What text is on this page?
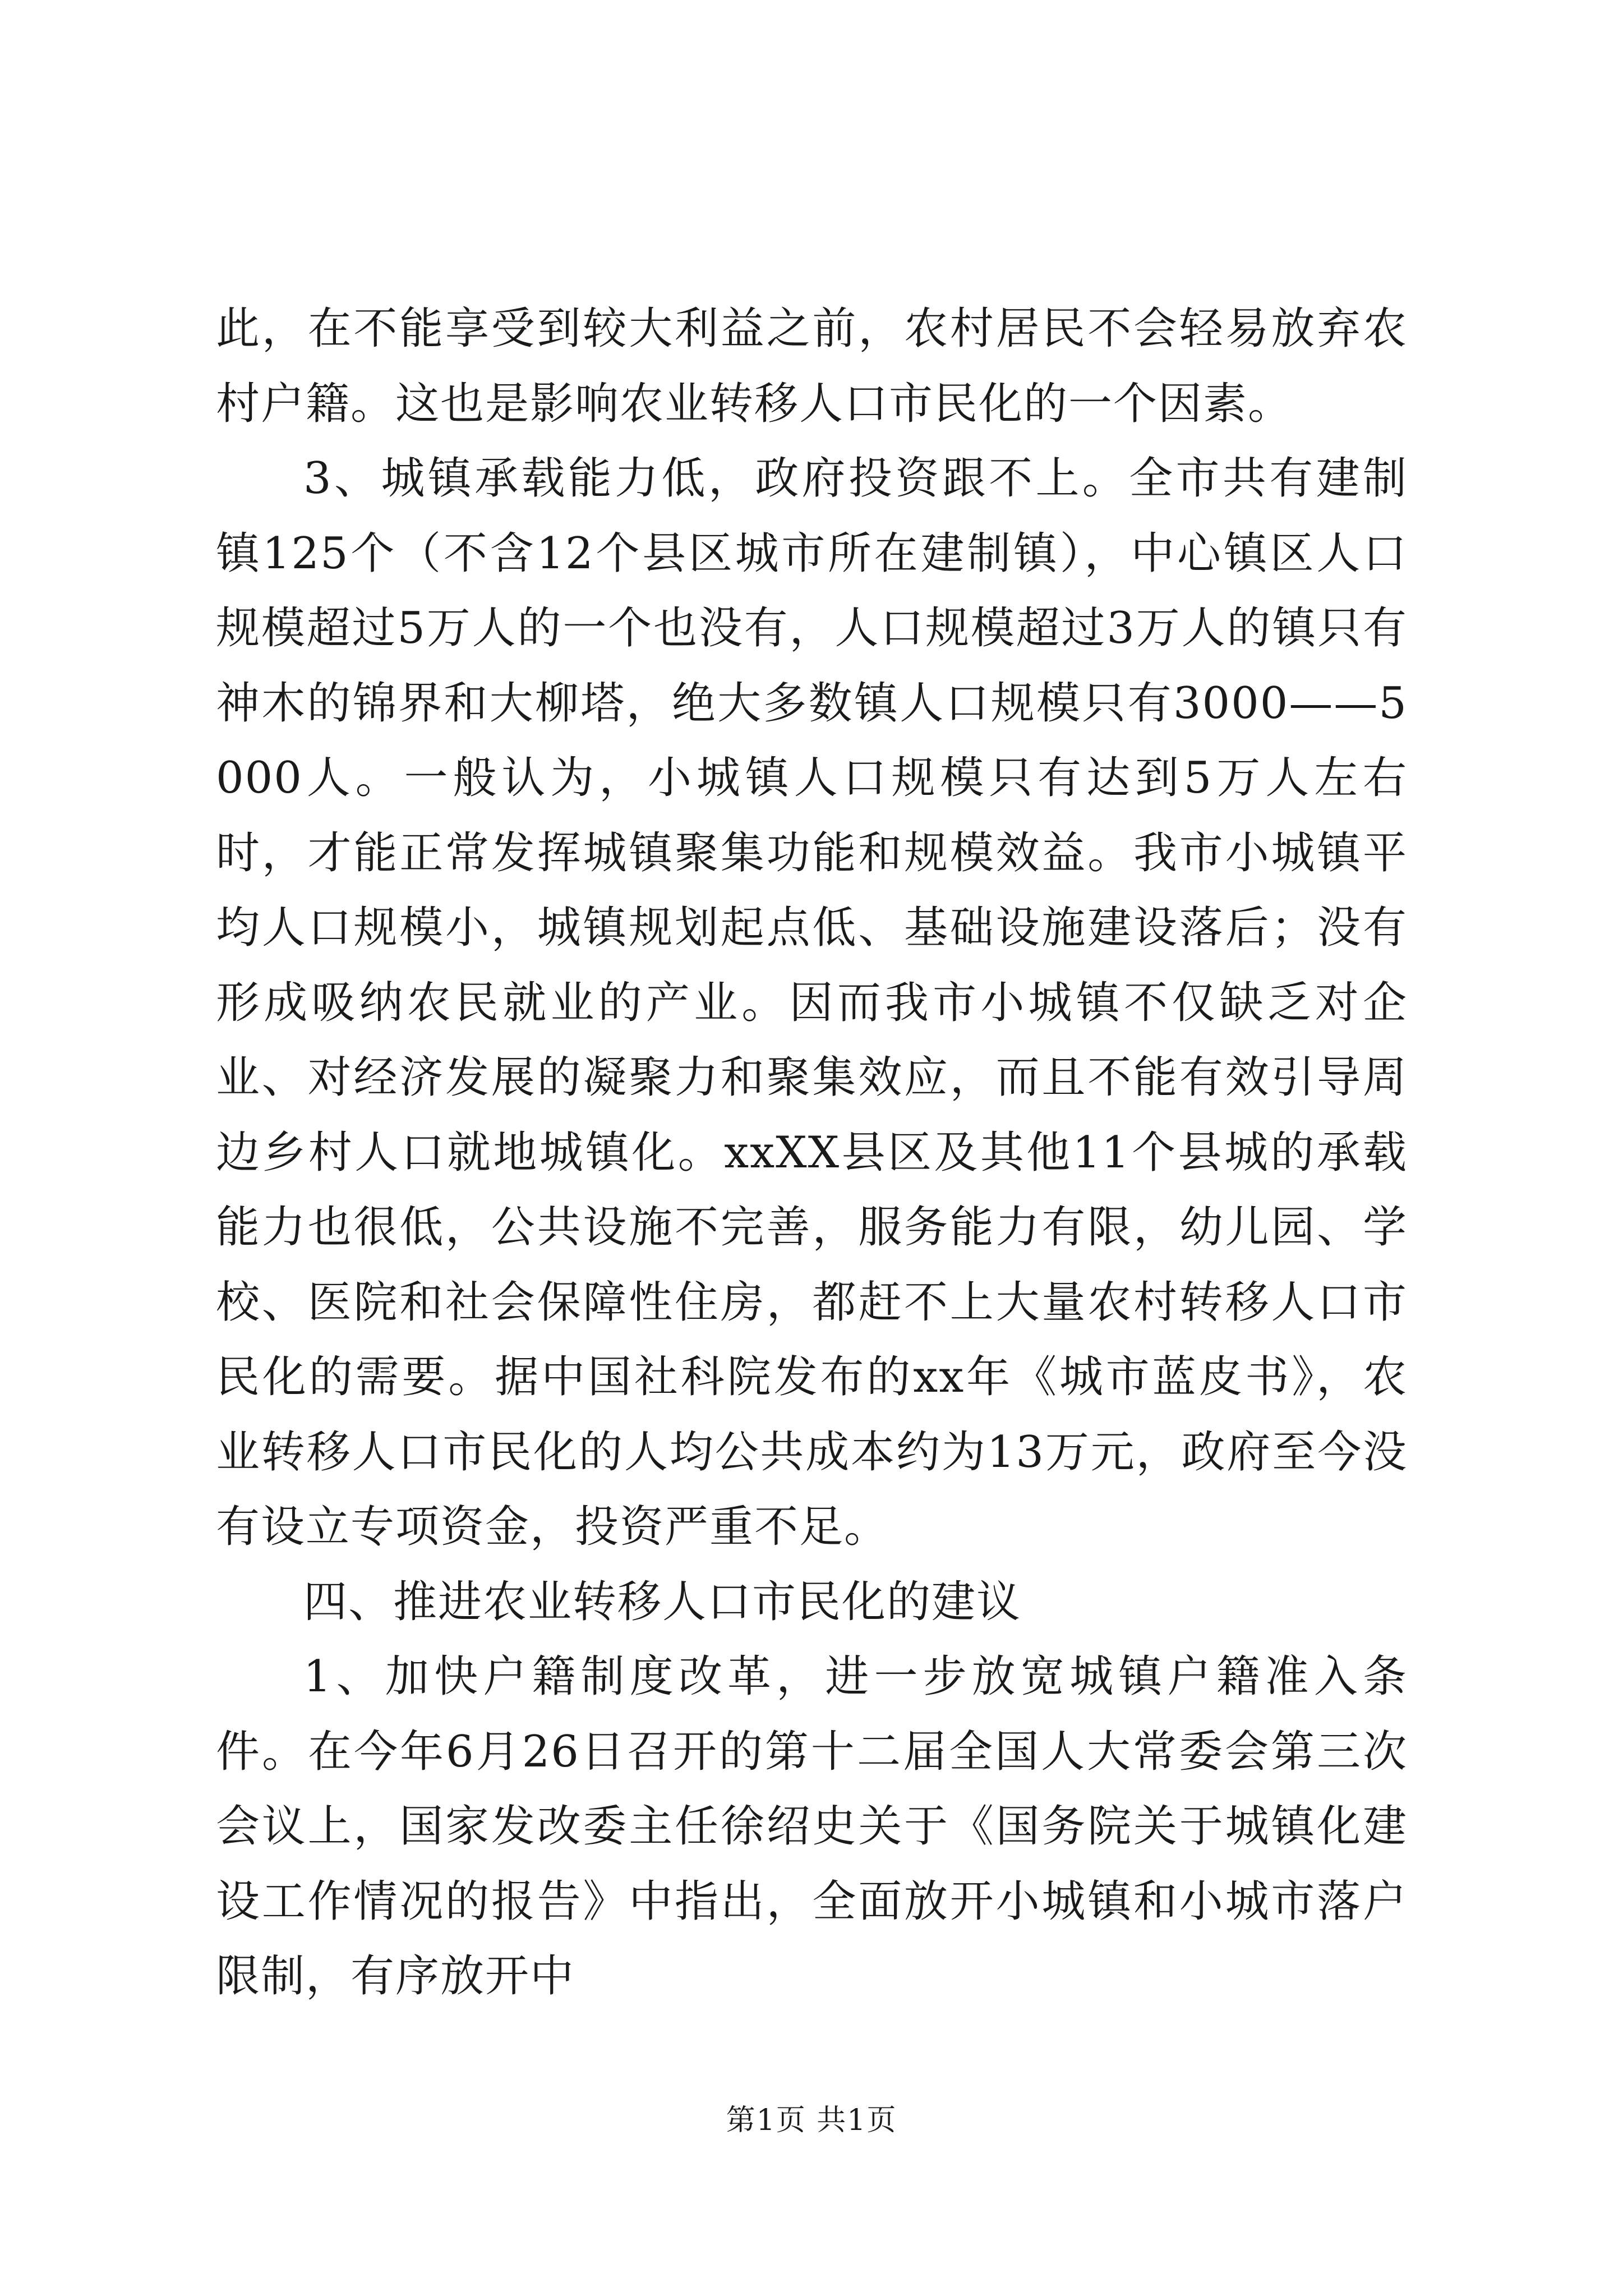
此，在不能享受到较大利益之前，农村居民不会轻易放弃农村户籍。这也是影响农业转移人口市民化的一个因素。

3、城镇承载能力低，政府投资跟不上。全市共有建制镇125个（不含12个县区城市所在建制镇），中心镇区人口规模超过5万人的一个也没有，人口规模超过3万人的镇只有神木的锦界和大柳塔，绝大多数镇人口规模只有3000——5000人。一般认为，小城镇人口规模只有达到5万人左右时，才能正常发挥城镇聚集功能和规模效益。我市小城镇平均人口规模小，城镇规划起点低、基础设施建设落后；没有形成吸纳农民就业的产业。因而我市小城镇不仅缺乏对企业、对经济发展的凝聚力和聚集效应，而且不能有效引导周边乡村人口就地城镇化。xxXX县区及其他11个县城的承载能力也很低，公共设施不完善，服务能力有限，幼儿园、学校、医院和社会保障性住房，都赶不上大量农村转移人口市民化的需要。据中国社科院发布的xx年《城市蓝皮书》，农业转移人口市民化的人均公共成本约为13万元，政府至今没有设立专项资金，投资严重不足。

四、推进农业转移人口市民化的建议

1、加快户籍制度改革，进一步放宽城镇户籍准入条件。在今年6月26日召开的第十二届全国人大常委会第三次会议上，国家发改委主任徐绍史关于《国务院关于城镇化建设工作情况的报告》中指出，全面放开小城镇和小城市落户限制，有序放开中

第1页 共1页
